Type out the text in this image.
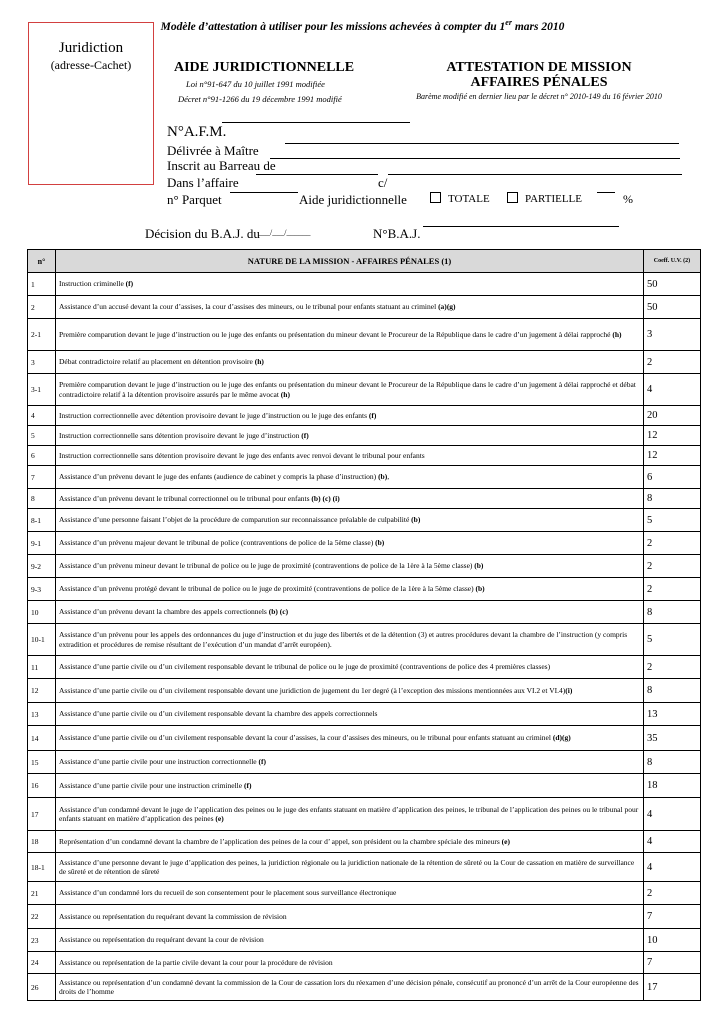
Modèle d’attestation à utiliser pour les missions achevées à compter du 1er mars 2010
Juridiction
(adresse-Cachet)	AIDE JURIDICTIONNELLE
Loi n°91-647 du 10 juillet 1991 modifiée
Décret n°91-1266 du 19 décembre 1991 modifié
ATTESTATION DE MISSION
AFFAIRES PÉNALES
Barème modifié en dernier lieu par le décret n° 2010-149 du 16 février 2010
N°A.F.M.
Délivrée à Maître
Inscrit au Barreau de
Dans l’affaire	c/
n° Parquet	Aide juridictionnelle	TOTALE	PARTIELLE	%
Décision du B.A.J. du
___/___/______	N°B.A.J.
n°	NATURE DE LA MISSION - AFFAIRES PÉNALES (1)	Coeff. U.V. (2)
1	Instruction criminelle (f)	50
2	Assistance d’un accusé devant la cour d’assises, la cour d’assises des mineurs, ou le tribunal pour enfants statuant au criminel (a)(g)	50
2-1	Première comparution devant le juge d’instruction ou le juge des enfants ou présentation du mineur devant le Procureur de la République dans le cadre d’un jugement à délai rapproché (h)	3
3	Débat contradictoire relatif au placement en détention provisoire (h)	2
3-1	Première comparution devant le juge d’instruction ou le juge des enfants ou présentation du mineur devant le Procureur de la République dans le cadre d’un jugement à délai rapproché et débat contradictoire relatif à la détention provisoire assurés par le même avocat (h)	4
4	Instruction correctionnelle avec détention provisoire devant le juge d’instruction ou le juge des enfants (f)	20
5	Instruction correctionnelle sans détention provisoire devant le juge d’instruction (f)	12
6	Instruction correctionnelle sans détention provisoire devant le juge des enfants avec renvoi devant le tribunal pour enfants	12
7	Assistance d’un prévenu devant le juge des enfants (audience de cabinet y compris la phase d’instruction) (b),	6
8	Assistance d’un prévenu devant le tribunal correctionnel ou le tribunal pour enfants (b) (c) (i)	8
8-1	Assistance d’une personne faisant l’objet de la procédure de comparution sur reconnaissance préalable de culpabilité (b)	5
9-1	Assistance d’un prévenu majeur devant le tribunal de police (contraventions de police de la 5ème classe) (b)	2
9-2	Assistance d’un prévenu mineur devant le tribunal de police ou le juge de proximité (contraventions de police de la 1ère à la 5ème classe) (b)	2
9-3	Assistance d’un prévenu protégé devant le tribunal de police ou le juge de proximité (contraventions de police de la 1ère à la 5ème classe) (b)	2
10	Assistance d’un prévenu devant la chambre des appels correctionnels (b) (c)	8
10-1	Assistance d’un prévenu pour les appels des ordonnances du juge d’instruction et du juge des libertés et de la détention (3) et autres procédures devant la chambre de l’instruction (y compris extradition et procédures de remise résultant de l’exécution d’un mandat d’arrêt européen).	5
11	Assistance d’une partie civile ou d’un civilement responsable devant le tribunal de police ou le juge de proximité (contraventions de police des 4 premières classes)	2
12	Assistance d’une partie civile ou d’un civilement responsable devant une juridiction de jugement du 1er degré (à l’exception des missions mentionnées aux VI.2 et VI.4)(i)	8
13	Assistance d’une partie civile ou d’un civilement responsable devant la chambre des appels correctionnels	13
14	Assistance d’une partie civile ou d’un civilement responsable devant la cour d’assises, la cour d’assises des mineurs, ou le tribunal pour enfants statuant au criminel (d)(g)	35
15	Assistance d’une partie civile pour une instruction correctionnelle (f)	8
16	Assistance d’une partie civile pour une instruction criminelle (f)	18
17	Assistance d’un condamné devant le juge de l’application des peines ou le juge des enfants statuant en matière d’application des peines, le tribunal de l’application des peines ou le tribunal pour enfants statuant en matière d’application des peines (e)	4
18	Représentation d’un condamné devant la chambre de l’application des peines de la cour d’ appel, son président ou la chambre spéciale des mineurs (e)	4
18-1	Assistance d’une personne devant le juge d’application des peines, la juridiction régionale ou la juridiction nationale de la rétention de sûreté ou la Cour de cassation en matière de surveillance de sûreté et de rétention de sûreté	4
21	Assistance d’un condamné lors du recueil de son consentement pour le placement sous surveillance électronique	2
22	Assistance ou représentation du requérant devant la commission de révision	7
23	Assistance ou représentation du requérant devant la cour de révision	10
24	Assistance ou représentation de la partie civile devant la cour pour la procédure de révision	7
26	Assistance ou représentation d’un condamné devant la commission de la Cour de cassation lors du réexamen d’une décision pénale, consécutif au prononcé d’un arrêt de la Cour européenne des droits de l’homme	17
